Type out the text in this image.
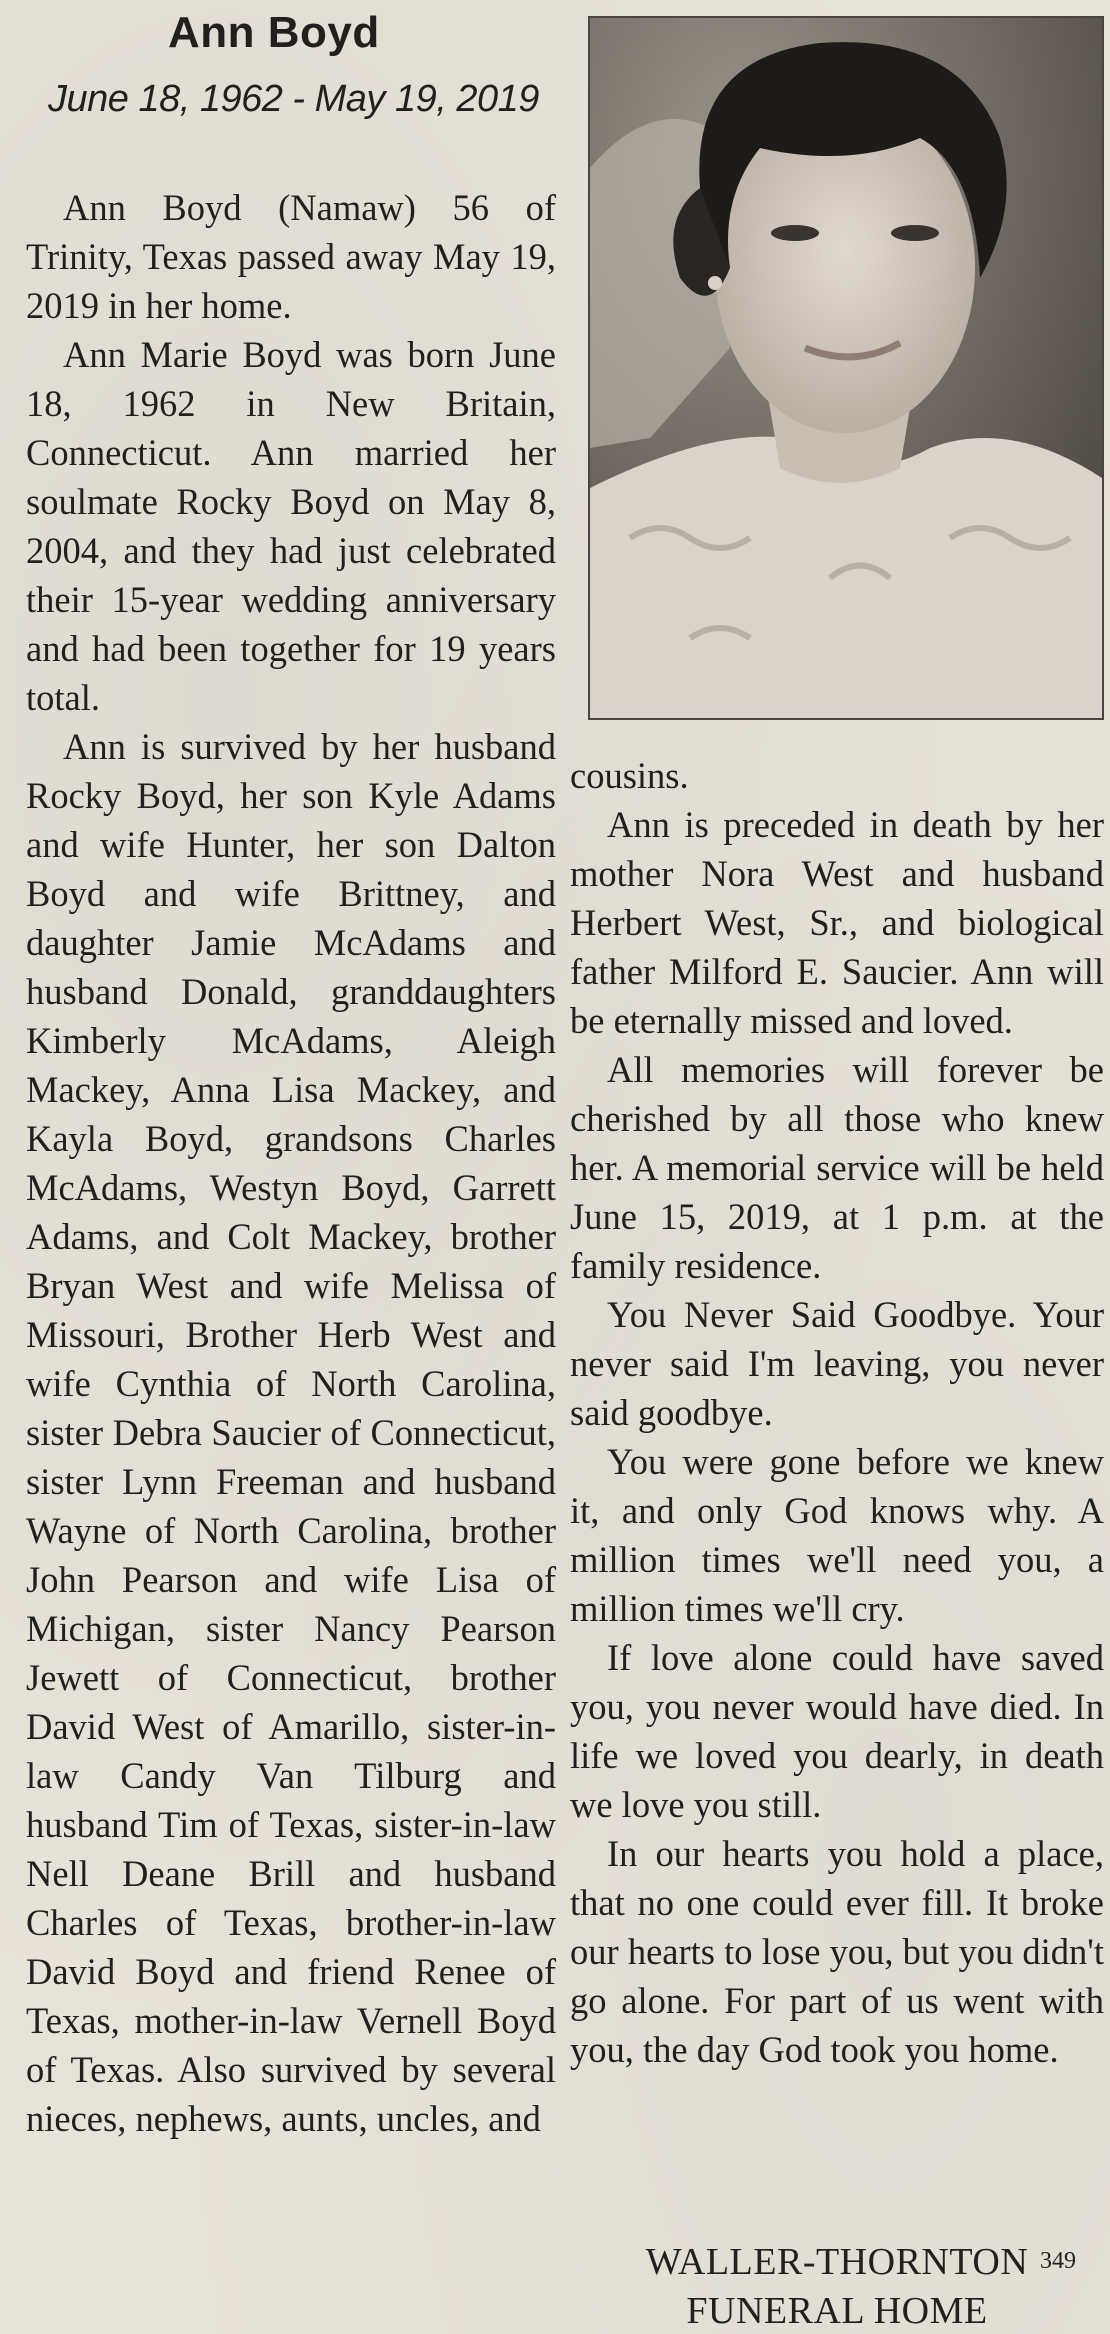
Ann Boyd
June 18, 1962 - May 19, 2019

Ann Boyd (Namaw) 56 of Trinity, Texas passed away May 19, 2019 in her home.

Ann Marie Boyd was born June 18, 1962 in New Britain, Connecticut. Ann married her soulmate Rocky Boyd on May 8, 2004, and they had just celebrated their 15-year wedding anniversary and had been together for 19 years total.

Ann is survived by her husband Rocky Boyd, her son Kyle Adams and wife Hunter, her son Dalton Boyd and wife Brittney, and daughter Jamie McAdams and husband Donald, granddaughters Kimberly McAdams, Aleigh Mackey, Anna Lisa Mackey, and Kayla Boyd, grandsons Charles McAdams, Westyn Boyd, Garrett Adams, and Colt Mackey, brother Bryan West and wife Melissa of Missouri, Brother Herb West and wife Cynthia of North Carolina, sister Debra Saucier of Connecticut, sister Lynn Freeman and husband Wayne of North Carolina, brother John Pearson and wife Lisa of Michigan, sister Nancy Pearson Jewett of Connecticut, brother David West of Amarillo, sister-in-law Candy Van Tilburg and husband Tim of Texas, sister-in-law Nell Deane Brill and husband Charles of Texas, brother-in-law David Boyd and friend Renee of Texas, mother-in-law Vernell Boyd of Texas. Also survived by several nieces, nephews, aunts, uncles, and

cousins.

Ann is preceded in death by her mother Nora West and husband Herbert West, Sr., and biological father Milford E. Saucier. Ann will be eternally missed and loved.

All memories will forever be cherished by all those who knew her. A memorial service will be held June 15, 2019, at 1 p.m. at the family residence.

You Never Said Goodbye. Your never said I'm leaving, you never said goodbye.

You were gone before we knew it, and only God knows why. A million times we'll need you, a million times we'll cry.

If love alone could have saved you, you never would have died. In life we loved you dearly, in death we love you still.

In our hearts you hold a place, that no one could ever fill. It broke our hearts to lose you, but you didn't go alone. For part of us went with you, the day God took you home.

349
WALLER-THORNTON
FUNERAL HOME
